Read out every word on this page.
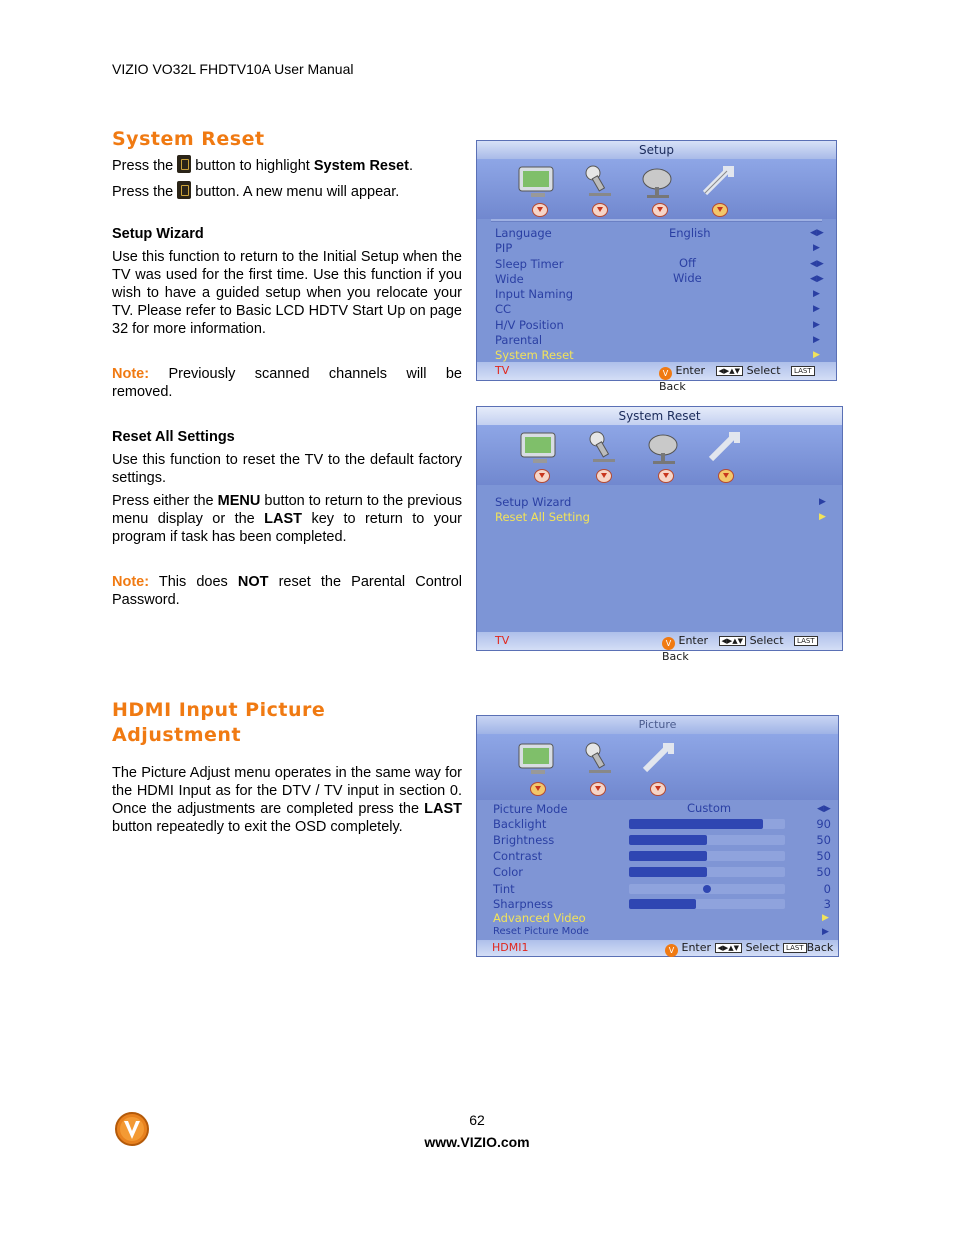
VIZIO VO32L FHDTV10A User Manual
System Reset
Press the  button to highlight System Reset.
Press the  button. A new menu will appear.
Setup Wizard
Use this function to return to the Initial Setup when the TV was used for the first time. Use this function if you wish to have a guided setup when you relocate your TV. Please refer to Basic LCD HDTV Start Up on page 32 for more information.
Note: Previously scanned channels will be removed.
Reset All Settings
Use this function to reset the TV to the default factory settings.
Press either the MENU button to return to the previous menu display or the LAST key to return to your program if task has been completed.
Note: This does NOT reset the Parental Control Password.
Setup
Language	English	◀▶
PIP	▶
Sleep Timer	Off	◀▶
Wide	Wide	◀▶
Input Naming	▶
CC	▶
H/V Position	▶
Parental	▶
System Reset	▶
TV	V Enter ◀▶▲▼ Select LAST Back
System Reset
Setup Wizard	▶
Reset All Setting	▶
TV	V Enter ◀▶▲▼ Select LAST Back
HDMI Input Picture
Adjustment
The Picture Adjust menu operates in the same way for the HDMI Input as for the DTV / TV input in section 0. Once the adjustments are completed press the LAST button repeatedly to exit the OSD completely.
Picture
Picture Mode	Custom	◀▶
Backlight	90
Brightness	50
Contrast	50
Color	50
Tint	0
Sharpness	3
Advanced Video	▶
Reset Picture Mode	▶
HDMI1	V Enter ◀▶▲▼ Select LAST Back
62
www.VIZIO.com
